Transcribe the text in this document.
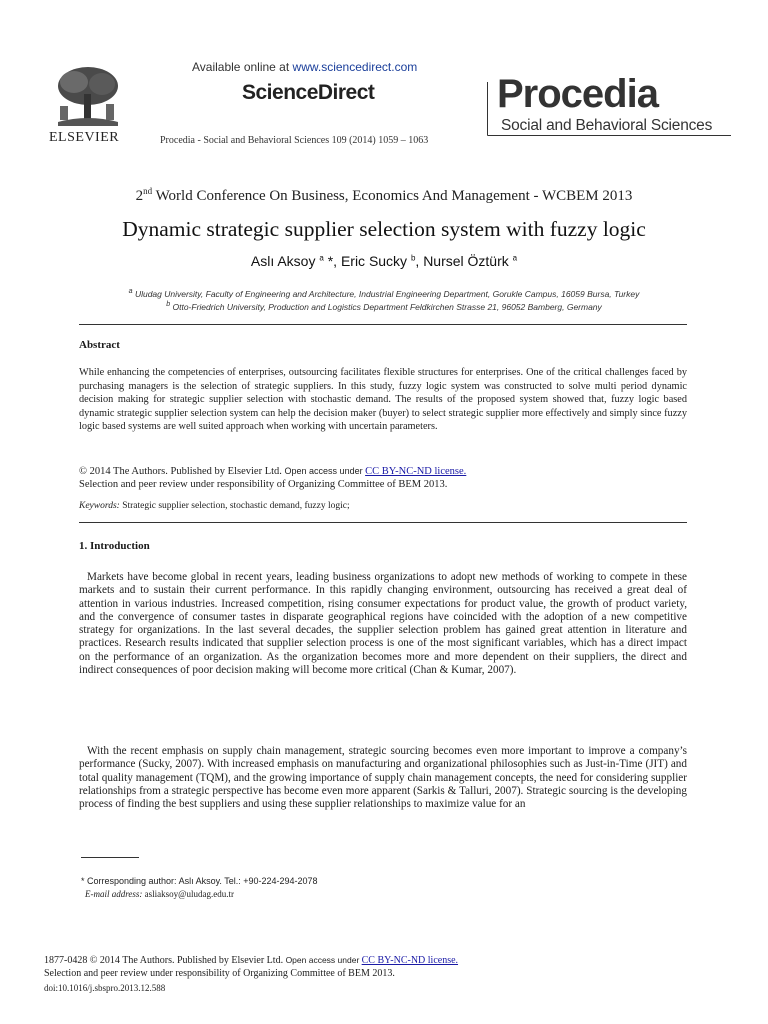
Available online at www.sciencedirect.com
ScienceDirect
Procedia - Social and Behavioral Sciences 109 (2014) 1059 – 1063
ELSEVIER
Procedia
Social and Behavioral Sciences
2nd World Conference On Business, Economics And Management - WCBEM 2013
Dynamic strategic supplier selection system with fuzzy logic
Aslı Aksoy $^a$ *, Eric Sucky $^b$, Nursel Öztürk $^a$
$^a$ Uludag University, Faculty of Engineering and Architecture, Industrial Engineering Department, Gorukle Campus, 16059 Bursa, Turkey
$^b$ Otto-Friedrich University, Production and Logistics Department Feldkirchen Strasse 21, 96052 Bamberg, Germany
Abstract
While enhancing the competencies of enterprises, outsourcing facilitates flexible structures for enterprises. One of the critical challenges faced by purchasing managers is the selection of strategic suppliers. In this study, fuzzy logic system was constructed to solve multi period dynamic decision making for strategic supplier selection with stochastic demand. The results of the proposed system showed that, fuzzy logic based dynamic strategic supplier selection system can help the decision maker (buyer) to select strategic supplier more effectively and simply since fuzzy logic based systems are well suited approach when working with uncertain parameters.
© 2014 The Authors. Published by Elsevier Ltd. Open access under CC BY-NC-ND license.
Selection and peer review under responsibility of Organizing Committee of BEM 2013.
Keywords: Strategic supplier selection, stochastic demand, fuzzy logic;
1. Introduction
Markets have become global in recent years, leading business organizations to adopt new methods of working to compete in these markets and to sustain their current performance. In this rapidly changing environment, outsourcing has received a great deal of attention in various industries. Increased competition, rising consumer expectations for product value, the growth of product variety, and the convergence of consumer tastes in disparate geographical regions have coincided with the adoption of a new competitive strategy for organizations. In the last several decades, the supplier selection problem has gained great attention in literature and practices. Research results indicated that supplier selection process is one of the most significant variables, which has a direct impact on the performance of an organization. As the organization becomes more and more dependent on their suppliers, the direct and indirect consequences of poor decision making will become more critical (Chan & Kumar, 2007).
With the recent emphasis on supply chain management, strategic sourcing becomes even more important to improve a company’s performance (Sucky, 2007). With increased emphasis on manufacturing and organizational philosophies such as Just-in-Time (JIT) and total quality management (TQM), and the growing importance of supply chain management concepts, the need for considering supplier relationships from a strategic perspective has become even more apparent (Sarkis & Talluri, 2007). Strategic sourcing is the developing process of finding the best suppliers and using these supplier relationships to maximize value for an
* Corresponding author: Aslı Aksoy. Tel.: +90-224-294-2078
E-mail address: asliaksoy@uludag.edu.tr
1877-0428 © 2014 The Authors. Published by Elsevier Ltd. Open access under CC BY-NC-ND license.
Selection and peer review under responsibility of Organizing Committee of BEM 2013.
doi:10.1016/j.sbspro.2013.12.588
